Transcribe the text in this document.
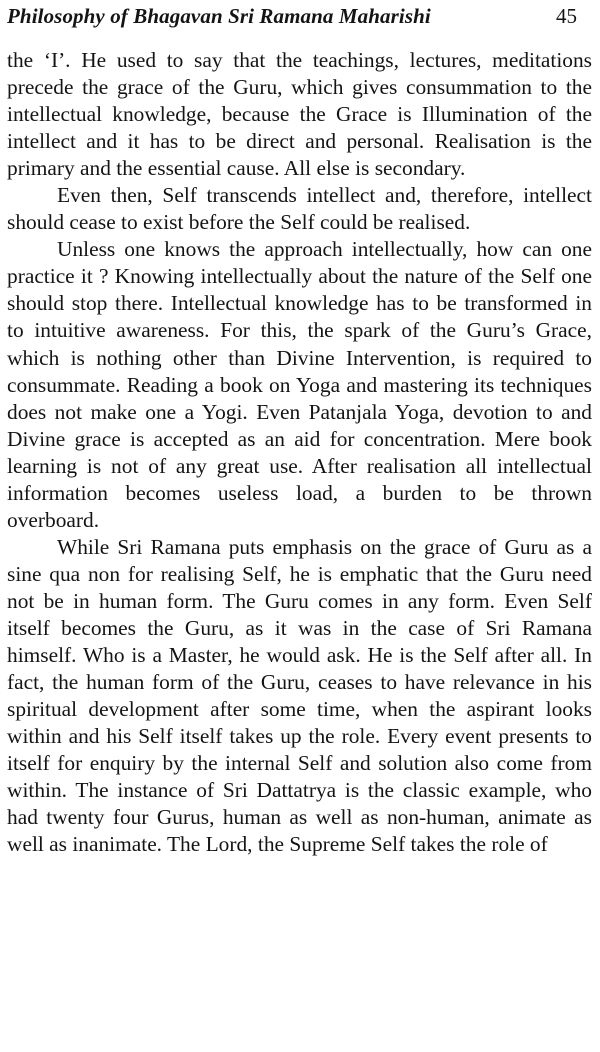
Philosophy of Bhagavan Sri Ramana Maharishi	45

the ‘I’. He used to say that the teachings, lectures, meditations precede the grace of the Guru, which gives consummation to the intellectual knowledge, because the Grace is Illumination of the intellect and it has to be direct and personal. Realisation is the primary and the essential cause. All else is secondary.

Even then, Self transcends intellect and, therefore, intellect should cease to exist before the Self could be realised.

Unless one knows the approach intellectually, how can one practice it ? Knowing intellectually about the nature of the Self one should stop there. Intellectual knowledge has to be transformed in to intuitive awareness. For this, the spark of the Guru’s Grace, which is nothing other than Divine Intervention, is required to consummate. Reading a book on Yoga and mastering its techniques does not make one a Yogi. Even Patanjala Yoga, devotion to and Divine grace is accepted as an aid for concentration. Mere book learning is not of any great use. After realisation all intellectual information becomes useless load, a burden to be thrown overboard.

While Sri Ramana puts emphasis on the grace of Guru as a sine qua non for realising Self, he is emphatic that the Guru need not be in human form. The Guru comes in any form. Even Self itself becomes the Guru, as it was in the case of Sri Ramana himself. Who is a Master, he would ask. He is the Self after all. In fact, the human form of the Guru, ceases to have relevance in his spiritual development after some time, when the aspirant looks within and his Self itself takes up the role. Every event presents to itself for enquiry by the internal Self and solution also come from within. The instance of Sri Dattatrya is the classic example, who had twenty four Gurus, human as well as non-human, animate as well as inanimate. The Lord, the Supreme Self takes the role of
